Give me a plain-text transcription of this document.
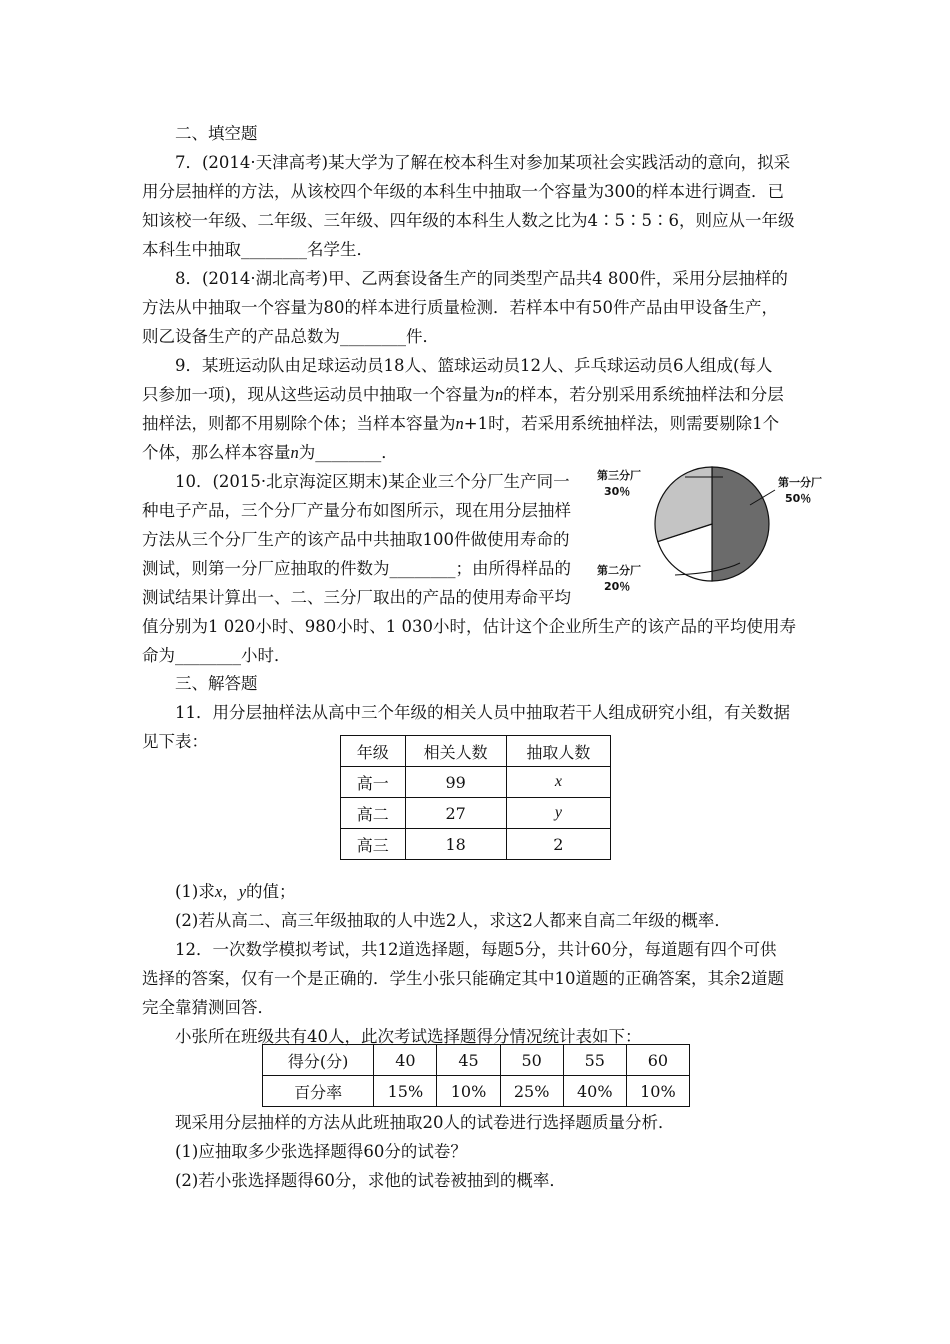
二、填空题
7．(2014·天津高考)某大学为了解在校本科生对参加某项社会实践活动的意向，拟采
用分层抽样的方法，从该校四个年级的本科生中抽取一个容量为300的样本进行调查．已
知该校一年级、二年级、三年级、四年级的本科生人数之比为4∶5∶5∶6，则应从一年级
本科生中抽取________名学生．
8．(2014·湖北高考)甲、乙两套设备生产的同类型产品共4 800件，采用分层抽样的
方法从中抽取一个容量为80的样本进行质量检测．若样本中有50件产品由甲设备生产，
则乙设备生产的产品总数为________件．
9．某班运动队由足球运动员18人、篮球运动员12人、乒乓球运动员6人组成(每人
只参加一项)，现从这些运动员中抽取一个容量为n的样本，若分别采用系统抽样法和分层
抽样法，则都不用剔除个体；当样本容量为n+1时，若采用系统抽样法，则需要剔除1个
个体，那么样本容量n为________．
10．(2015·北京海淀区期末)某企业三个分厂生产同一
种电子产品，三个分厂产量分布如图所示，现在用分层抽样
方法从三个分厂生产的该产品中共抽取100件做使用寿命的
测试，则第一分厂应抽取的件数为________；由所得样品的
测试结果计算出一、二、三分厂取出的产品的使用寿命平均
值分别为1 020小时、980小时、1 030小时，估计这个企业所生产的该产品的平均使用寿
命为________小时．
第三分厂
30％
第一分厂
50％
第二分厂
20％
三、解答题
11．用分层抽样法从高中三个年级的相关人员中抽取若干人组成研究小组，有关数据
见下表：
年级	相关人数	抽取人数
高一	99	x
高二	27	y
高三	18	2
(1)求x，y的值；
(2)若从高二、高三年级抽取的人中选2人，求这2人都来自高二年级的概率．
12．一次数学模拟考试，共12道选择题，每题5分，共计60分，每道题有四个可供
选择的答案，仅有一个是正确的．学生小张只能确定其中10道题的正确答案，其余2道题
完全靠猜测回答．
小张所在班级共有40人，此次考试选择题得分情况统计表如下：
得分(分)	40	45	50	55	60
百分率	15%	10%	25%	40%	10%
现采用分层抽样的方法从此班抽取20人的试卷进行选择题质量分析．
(1)应抽取多少张选择题得60分的试卷？
(2)若小张选择题得60分，求他的试卷被抽到的概率．
